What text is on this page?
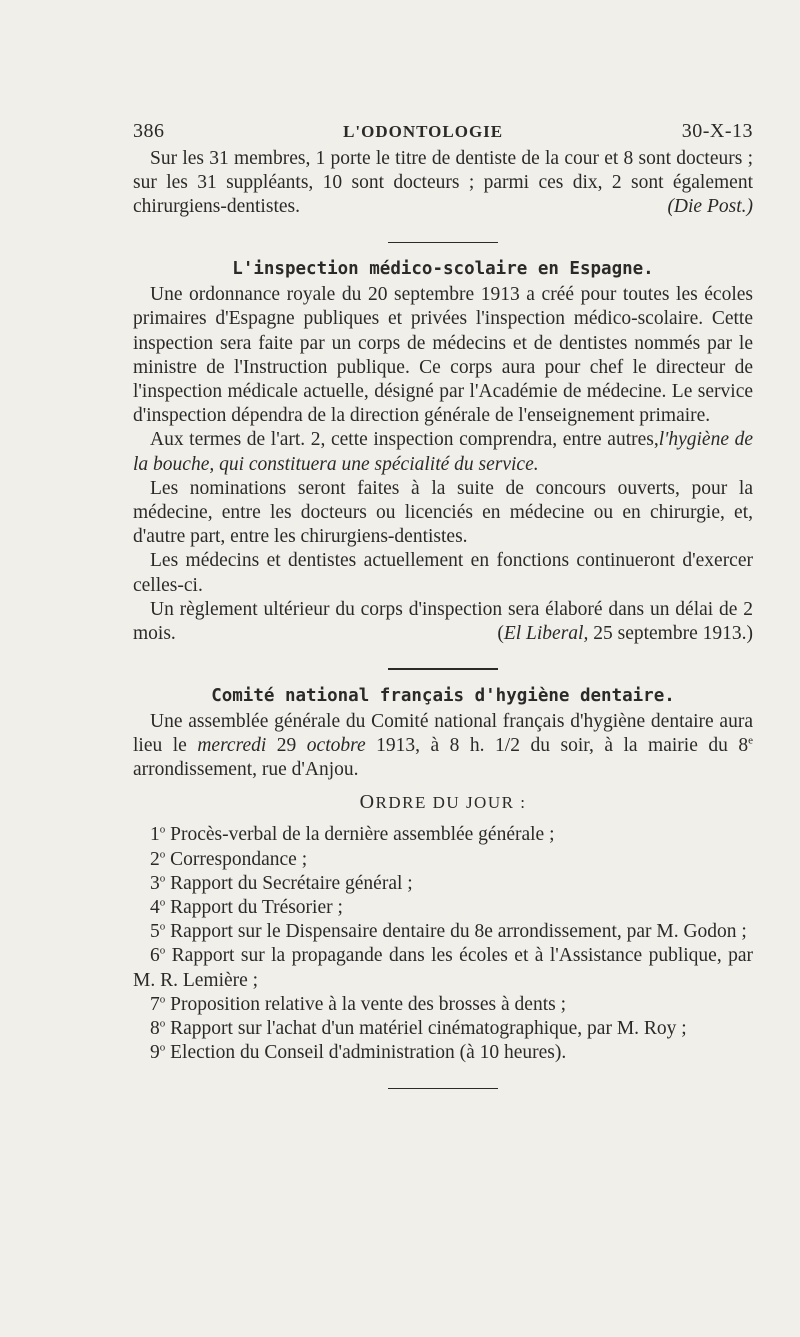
386	L'ODONTOLOGIE	30-X-13

Sur les 31 membres, 1 porte le titre de dentiste de la cour et 8 sont docteurs ; sur les 31 suppléants, 10 sont docteurs ; parmi ces dix, 2 sont également chirurgiens-dentistes.	(Die Post.)

L'inspection médico-scolaire en Espagne.

Une ordonnance royale du 20 septembre 1913 a créé pour toutes les écoles primaires d'Espagne publiques et privées l'inspection médico-scolaire. Cette inspection sera faite par un corps de médecins et de dentistes nommés par le ministre de l'Instruction publique. Ce corps aura pour chef le directeur de l'inspection médicale actuelle, désigné par l'Académie de médecine. Le service d'inspection dépendra de la direction générale de l'enseignement primaire.

Aux termes de l'art. 2, cette inspection comprendra, entre autres,l'hygiène de la bouche, qui constituera une spécialité du service.

Les nominations seront faites à la suite de concours ouverts, pour la médecine, entre les docteurs ou licenciés en médecine ou en chirurgie, et, d'autre part, entre les chirurgiens-dentistes.

Les médecins et dentistes actuellement en fonctions continueront d'exercer celles-ci.

Un règlement ultérieur du corps d'inspection sera élaboré dans un délai de 2 mois.	(El Liberal, 25 septembre 1913.)

Comité national français d'hygiène dentaire.

Une assemblée générale du Comité national français d'hygiène dentaire aura lieu le mercredi 29 octobre 1913, à 8 h. 1/2 du soir, à la mairie du 8e arrondissement, rue d'Anjou.

ORDRE DU JOUR :

1$^o$ Procès-verbal de la dernière assemblée générale ;
2$^o$ Correspondance ;
3$^o$ Rapport du Secrétaire général ;
4$^o$ Rapport du Trésorier ;
5$^o$ Rapport sur le Dispensaire dentaire du 8e arrondissement, par M. Godon ;
6$^o$ Rapport sur la propagande dans les écoles et à l'Assistance publique, par M. R. Lemière ;
7$^o$ Proposition relative à la vente des brosses à dents ;
8$^o$ Rapport sur l'achat d'un matériel cinématographique, par M. Roy ;
9$^o$ Election du Conseil d'administration (à 10 heures).
